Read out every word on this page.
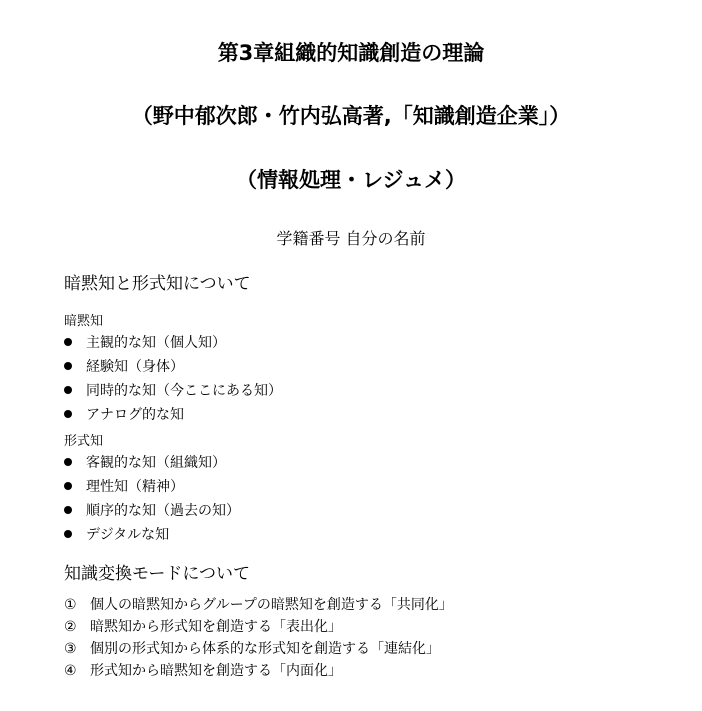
第3章組織的知識創造の理論
（野中郁次郎・竹内弘高著,「知識創造企業」）
（情報処理・レジュメ）
学籍番号 自分の名前
暗黙知と形式知について
暗黙知
主観的な知（個人知）
経験知（身体）
同時的な知（今ここにある知）
アナログ的な知
形式知
客観的な知（組織知）
理性知（精神）
順序的な知（過去の知）
デジタルな知
知識変換モードについて
① 個人の暗黙知からグループの暗黙知を創造する「共同化」
② 暗黙知から形式知を創造する「表出化」
③ 個別の形式知から体系的な形式知を創造する「連結化」
④ 形式知から暗黙知を創造する「内面化」
